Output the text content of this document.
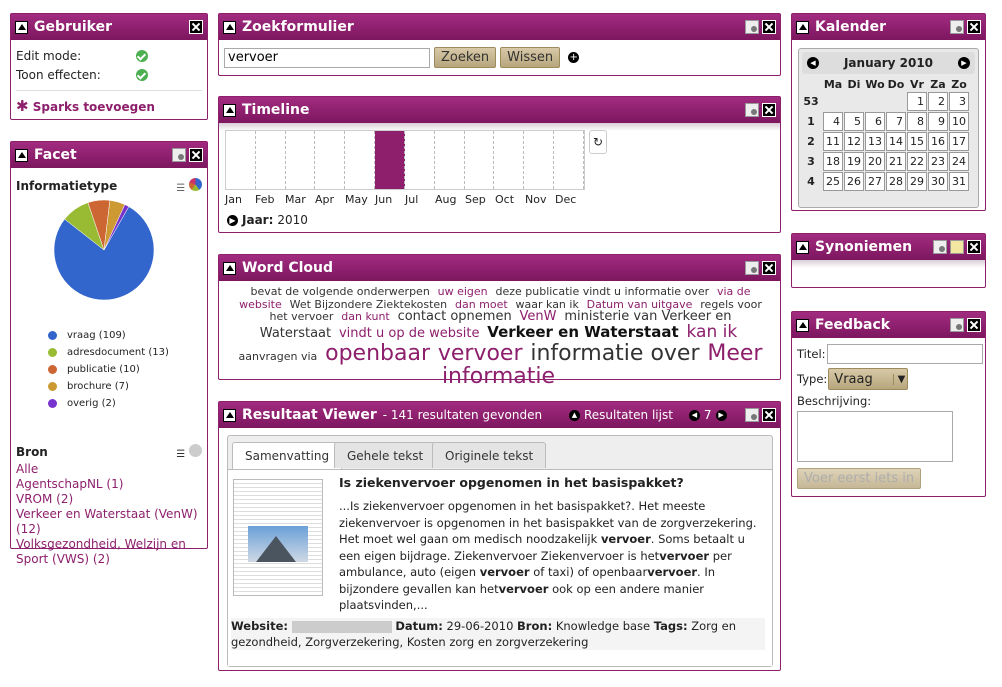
Gebruiker
Edit mode:
Toon effecten:
✱ Sparks toevoegen
Facet
Informatietype	☰
vraag (109)
adresdocument (13)
publicatie (10)
brochure (7)
overig (2)
Bron	☰
Alle
AgentschapNL (1)
VROM (2)
Verkeer en Waterstaat (VenW) (12)
Volksgezondheid, Welzijn en Sport (VWS) (2)
Zoekformulier
vervoer
Zoeken	Wissen	+
Timeline
↻
Jan	Feb Mar Apr May Jun	Jul	Aug Sep Oct Nov Dec
▶ Jaar: 2010
Word Cloud
bevat de volgende onderwerpen uw eigen deze publicatie vindt u informatie over via de website Wet Bijzondere Ziektekosten dan moet waar kan ik Datum van uitgave regels voor het vervoer dan kunt contact opnemen VenW ministerie van Verkeer en Waterstaat vindt u op de website Verkeer en Waterstaat kan ik aanvragen via openbaar vervoer informatie over Meer informatie
Resultaat Viewer - 141 resultaten gevonden	▲ Resultaten lijst	◀ 7 ▶
Samenvatting	Gehele tekst	Originele tekst
Is ziekenvervoer opgenomen in het basispakket?
...Is ziekenvervoer opgenomen in het basispakket?. Het meeste ziekenvervoer is opgenomen in het basispakket van de zorgverzekering. Het moet wel gaan om medisch noodzakelijk vervoer. Soms betaalt u een eigen bijdrage. Ziekenvervoer Ziekenvervoer is hetvervoer per ambulance, auto (eigen vervoer of taxi) of openbaarvervoer. In bijzondere gevallen kan hetvervoer ook op een andere manier plaatsvinden,...
Website:	Datum: 29-06-2010 Bron: Knowledge base Tags: Zorg en gezondheid, Zorgverzekering, Kosten zorg en zorgverzekering
Kalender
◀ January 2010	▶
	Ma	Di	Wo	Do	Vr	Za	Zo
53					1	2	3
1	4	5	6	7	8	9	10
2	11	12	13	14	15	16	17
3	18	19	20	21	22	23	24
4	25	26	27	28	29	30	31
Synoniemen
Feedback
Titel:
Type: Vraag	▼
Beschrijving:
Voer eerst iets in
